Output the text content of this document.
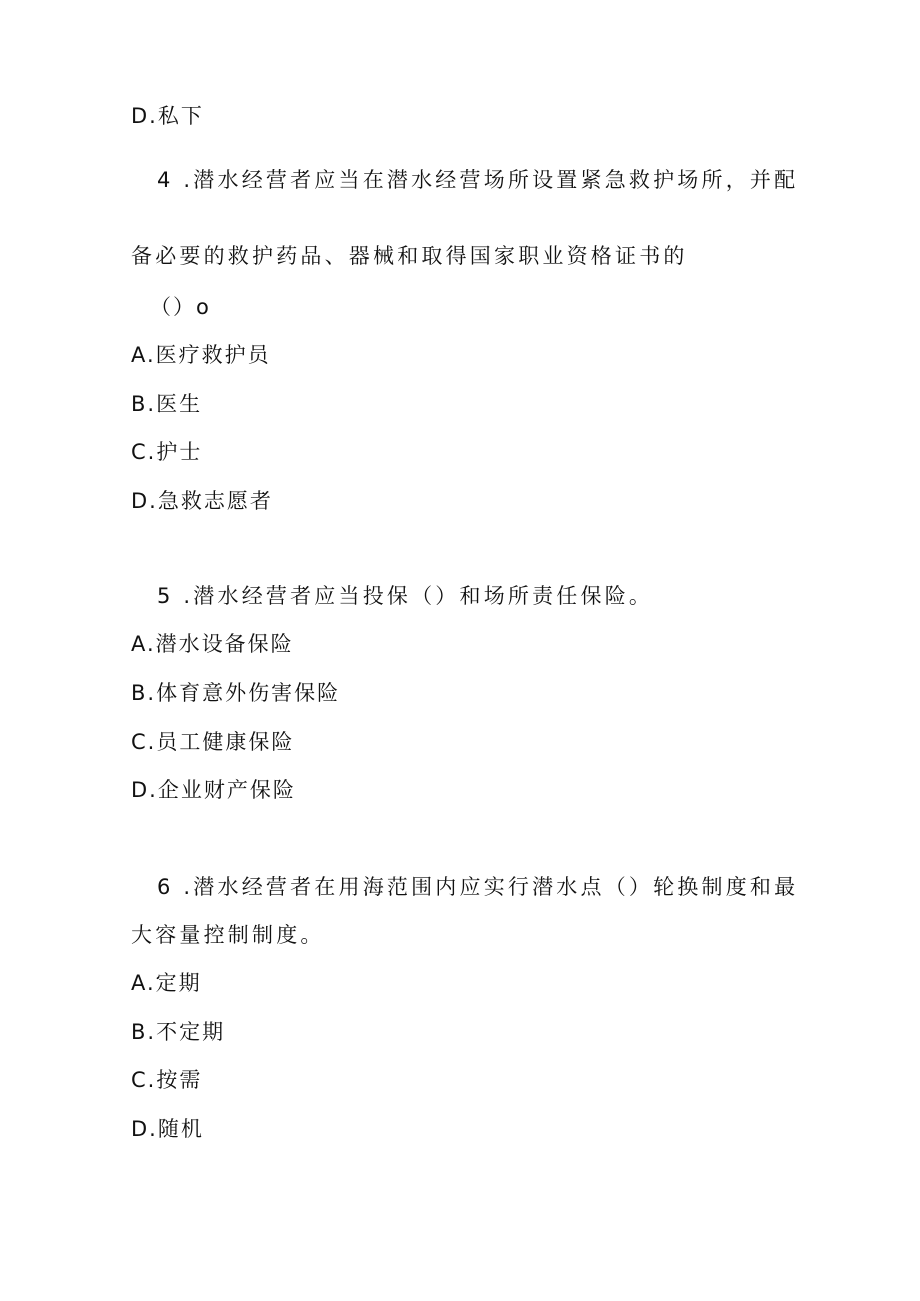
D.私下
4 .潜水经营者应当在潜水经营场所设置紧急救护场所，并配
备必要的救护药品、器械和取得国家职业资格证书的
（）o
A.医疗救护员
B.医生
C.护士
D.急救志愿者
5 .潜水经营者应当投保（）和场所责任保险。
A.潜水设备保险
B.体育意外伤害保险
C.员工健康保险
D.企业财产保险
6 .潜水经营者在用海范围内应实行潜水点（）轮换制度和最
大容量控制制度。
A.定期
B.不定期
C.按需
D.随机
